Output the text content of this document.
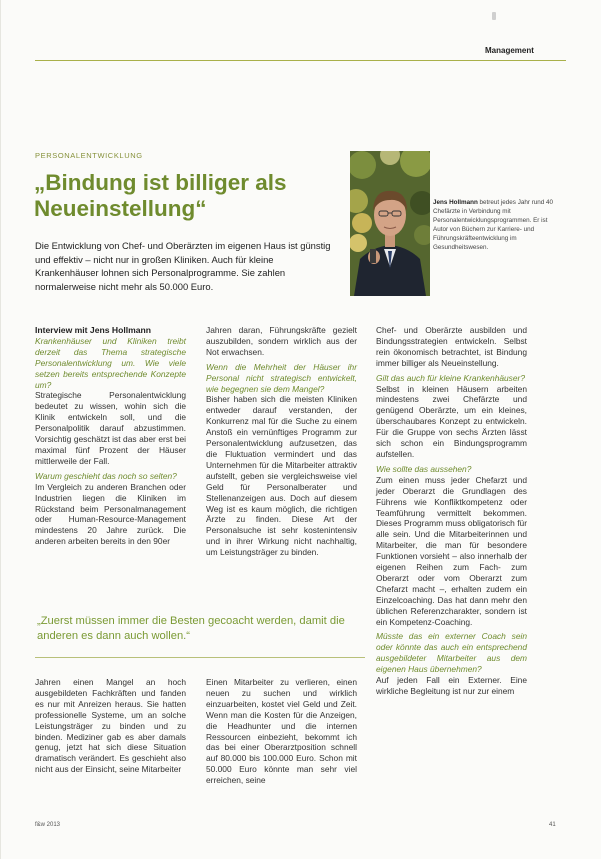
Management
PERSONALENTWICKLUNG
„Bindung ist billiger als Neueinstellung“

Die Entwicklung von Chef- und Oberärzten im eigenen Haus ist günstig und effektiv – nicht nur in großen Kliniken. Auch für kleine Krankenhäuser lohnen sich Personalprogramme. Sie zahlen normalerweise nicht mehr als 50.000 Euro.

Jens Hollmann betreut jedes Jahr rund 40 Chefärzte in Verbindung mit Personalentwicklungsprogrammen. Er ist Autor von Büchern zur Karriere- und Führungskräfteentwicklung im Gesundheitswesen.

Interview mit Jens Hollmann

Krankenhäuser und Kliniken treibt derzeit das Thema strategische Personalentwicklung um. Wie viele setzen bereits entsprechende Konzepte um?

Strategische Personalentwicklung bedeutet zu wissen, wohin sich die Klinik entwickeln soll, und die Personalpolitik darauf abzustimmen. Vorsichtig geschätzt ist das aber erst bei maximal fünf Prozent der Häuser mittlerweile der Fall.

Warum geschieht das noch so selten?

Im Vergleich zu anderen Branchen oder Industrien liegen die Kliniken im Rückstand beim Personalmanagement oder Human-Resource-Management mindestens 20 Jahre zurück. Die anderen arbeiten bereits in den 90er

Jahren daran, Führungskräfte gezielt auszubilden, sondern wirklich aus der Not erwachsen.

Wenn die Mehrheit der Häuser ihr Personal nicht strategisch entwickelt, wie begegnen sie dem Mangel?

Bisher haben sich die meisten Kliniken entweder darauf verstanden, der Konkurrenz mal für die Suche zu einem Anstoß ein vernünftiges Programm zur Personalentwicklung aufzusetzen, das die Fluktuation vermindert und das Unternehmen für die Mitarbeiter attraktiv aufstellt, geben sie vergleichsweise viel Geld für Personalberater und Stellenanzeigen aus. Doch auf diesem Weg ist es kaum möglich, die richtigen Ärzte zu finden. Diese Art der Personalsuche ist sehr kostenintensiv und in ihrer Wirkung nicht nachhaltig, um Leistungsträger zu binden.

Chef- und Oberärzte ausbilden und Bindungsstrategien entwickeln. Selbst rein ökonomisch betrachtet, ist Bindung immer billiger als Neueinstellung.

Gilt das auch für kleine Krankenhäuser?

Selbst in kleinen Häusern arbeiten mindestens zwei Chefärzte und genügend Oberärzte, um ein kleines, überschaubares Konzept zu entwickeln. Für die Gruppe von sechs Ärzten lässt sich schon ein Bindungsprogramm aufstellen.

Wie sollte das aussehen?

Zum einen muss jeder Chefarzt und jeder Oberarzt die Grundlagen des Führens wie Konfliktkompetenz oder Teamführung vermittelt bekommen. Dieses Programm muss obligatorisch für alle sein. Und die Mitarbeiterinnen und Mitarbeiter, die man für besondere Funktionen vorsieht – also innerhalb der eigenen Reihen zum Fach- zum Oberarzt oder vom Oberarzt zum Chefarzt macht –, erhalten zudem ein Einzelcoaching. Das hat dann mehr den üblichen Referenzcharakter, sondern ist ein Kompetenz-Coaching.

Müsste das ein externer Coach sein oder könnte das auch ein entsprechend ausgebildeter Mitarbeiter aus dem eigenen Haus übernehmen?

Auf jeden Fall ein Externer. Eine wirkliche Begleitung ist nur zur einem

„Zuerst müssen immer die Besten gecoacht werden, damit die anderen es dann auch wollen.“

Jahren einen Mangel an hoch ausgebildeten Fachkräften und fanden es nur mit Anreizen heraus. Sie hatten professionelle Systeme, um an solche Leistungsträger zu binden und zu binden. Mediziner gab es aber damals genug, jetzt hat sich diese Situation dramatisch verändert. Es geschieht also nicht aus der Einsicht, seine Mitarbeiter

Einen Mitarbeiter zu verlieren, einen neuen zu suchen und wirklich einzuarbeiten, kostet viel Geld und Zeit. Wenn man die Kosten für die Anzeigen, die Headhunter und die internen Ressourcen einbezieht, bekommt ich das bei einer Oberarztposition schnell auf 80.000 bis 100.000 Euro. Schon mit 50.000 Euro könnte man sehr viel erreichen, seine

f&w 2013	41
